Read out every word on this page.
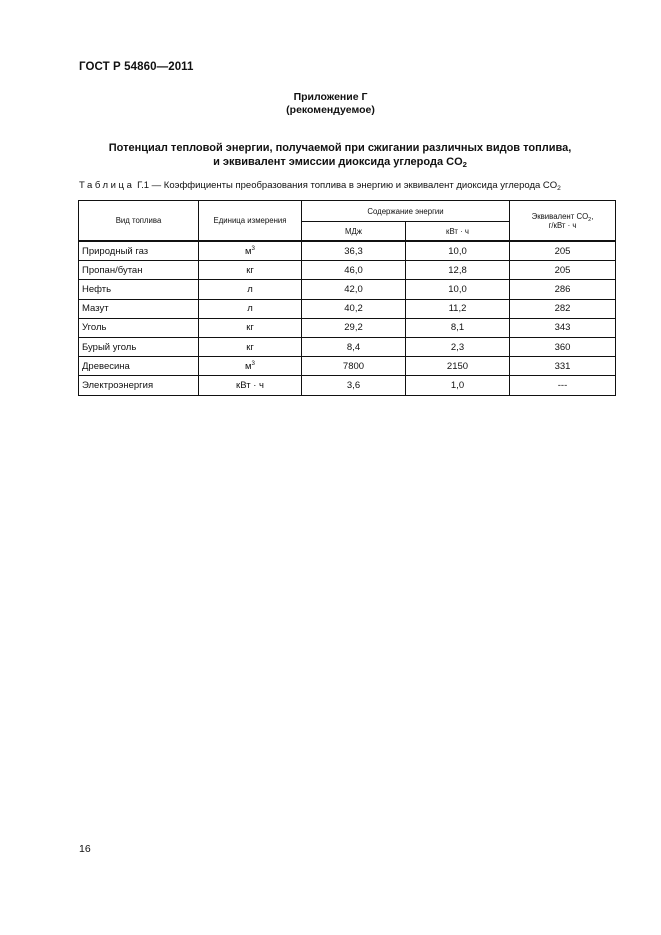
ГОСТ Р 54860—2011
Приложение Г
(рекомендуемое)
Потенциал тепловой энергии, получаемой при сжигании различных видов топлива,
и эквивалент эмиссии диоксида углерода $CO_2$
Таблица Г.1 — Коэффициенты преобразования топлива в энергию и эквивалент диоксида углерода $CO_2$
Вид топлива	Единица измерения	Содержание энергии		Эквивалент $CO_2$,
г/кВт · ч
		МДж	кВт · ч	
Природный газ	$м^3$	36,3	10,0	205
Пропан/бутан	кг	46,0	12,8	205
Нефть	л	42,0	10,0	286
Мазут	л	40,2	11,2	282
Уголь	кг	29,2	8,1	343
Бурый уголь	кг	8,4	2,3	360
Древесина	$м^3$	7800	2150	331
Электроэнергия	кВт · ч	3,6	1,0	---
16
